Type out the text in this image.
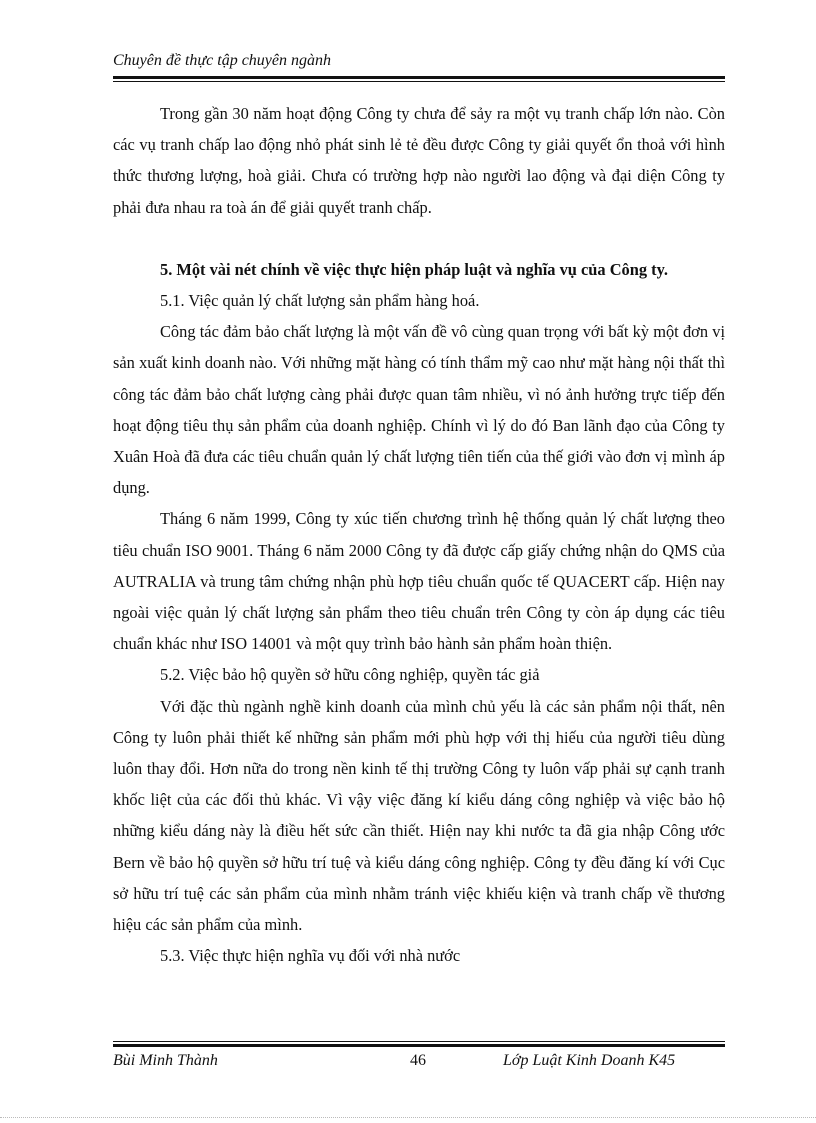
Chuyên đề thực tập chuyên ngành

Trong gần 30 năm hoạt động Công ty chưa để sảy ra một vụ tranh chấp lớn nào. Còn các vụ tranh chấp lao động nhỏ phát sinh lẻ tẻ đều được Công ty giải quyết ổn thoả với hình thức thương lượng, hoà giải. Chưa có trường hợp nào người lao động và đại diện Công ty phải đưa nhau ra toà án để giải quyết tranh chấp.

5. Một vài nét chính về việc thực hiện pháp luật và nghĩa vụ của Công ty.

5.1. Việc quản lý chất lượng sản phẩm hàng hoá.

Công tác đảm bảo chất lượng là một vấn đề vô cùng quan trọng với bất kỳ một đơn vị sản xuất kinh doanh nào. Với những mặt hàng có tính thẩm mỹ cao như mặt hàng nội thất thì công tác đảm bảo chất lượng càng phải được quan tâm nhiều, vì nó ảnh hưởng trực tiếp đến hoạt động tiêu thụ sản phẩm của doanh nghiệp. Chính vì lý do đó Ban lãnh đạo của Công ty Xuân Hoà đã đưa các tiêu chuẩn quản lý chất lượng tiên tiến của thế giới vào đơn vị mình áp dụng.

Tháng 6 năm 1999, Công ty xúc tiến chương trình hệ thống quản lý chất lượng theo tiêu chuẩn ISO 9001. Tháng 6 năm 2000 Công ty đã được cấp giấy chứng nhận do QMS của AUTRALIA và trung tâm chứng nhận phù hợp tiêu chuẩn quốc tế QUACERT cấp. Hiện nay ngoài việc quản lý chất lượng sản phẩm theo tiêu chuẩn trên Công ty còn áp dụng các tiêu chuẩn khác như ISO 14001 và một quy trình bảo hành sản phẩm hoàn thiện.

5.2. Việc bảo hộ quyền sở hữu công nghiệp, quyền tác giả

Với đặc thù ngành nghề kinh doanh của mình chủ yếu là các sản phẩm nội thất, nên Công ty luôn phải thiết kế những sản phẩm mới phù hợp với thị hiếu của người tiêu dùng luôn thay đổi. Hơn nữa do trong nền kinh tế thị trường Công ty luôn vấp phải sự cạnh tranh khốc liệt của các đối thủ khác. Vì vậy việc đăng kí kiểu dáng công nghiệp và việc bảo hộ những kiểu dáng này là điều hết sức cần thiết. Hiện nay khi nước ta đã gia nhập Công ước Bern về bảo hộ quyền sở hữu trí tuệ và kiểu dáng công nghiệp. Công ty đều đăng kí với Cục sở hữu trí tuệ các sản phẩm của mình nhằm tránh việc khiếu kiện và tranh chấp về thương hiệu các sản phẩm của mình.

5.3. Việc thực hiện nghĩa vụ đối với nhà nước

Bùi Minh Thành	46	Lớp Luật Kinh Doanh K45
